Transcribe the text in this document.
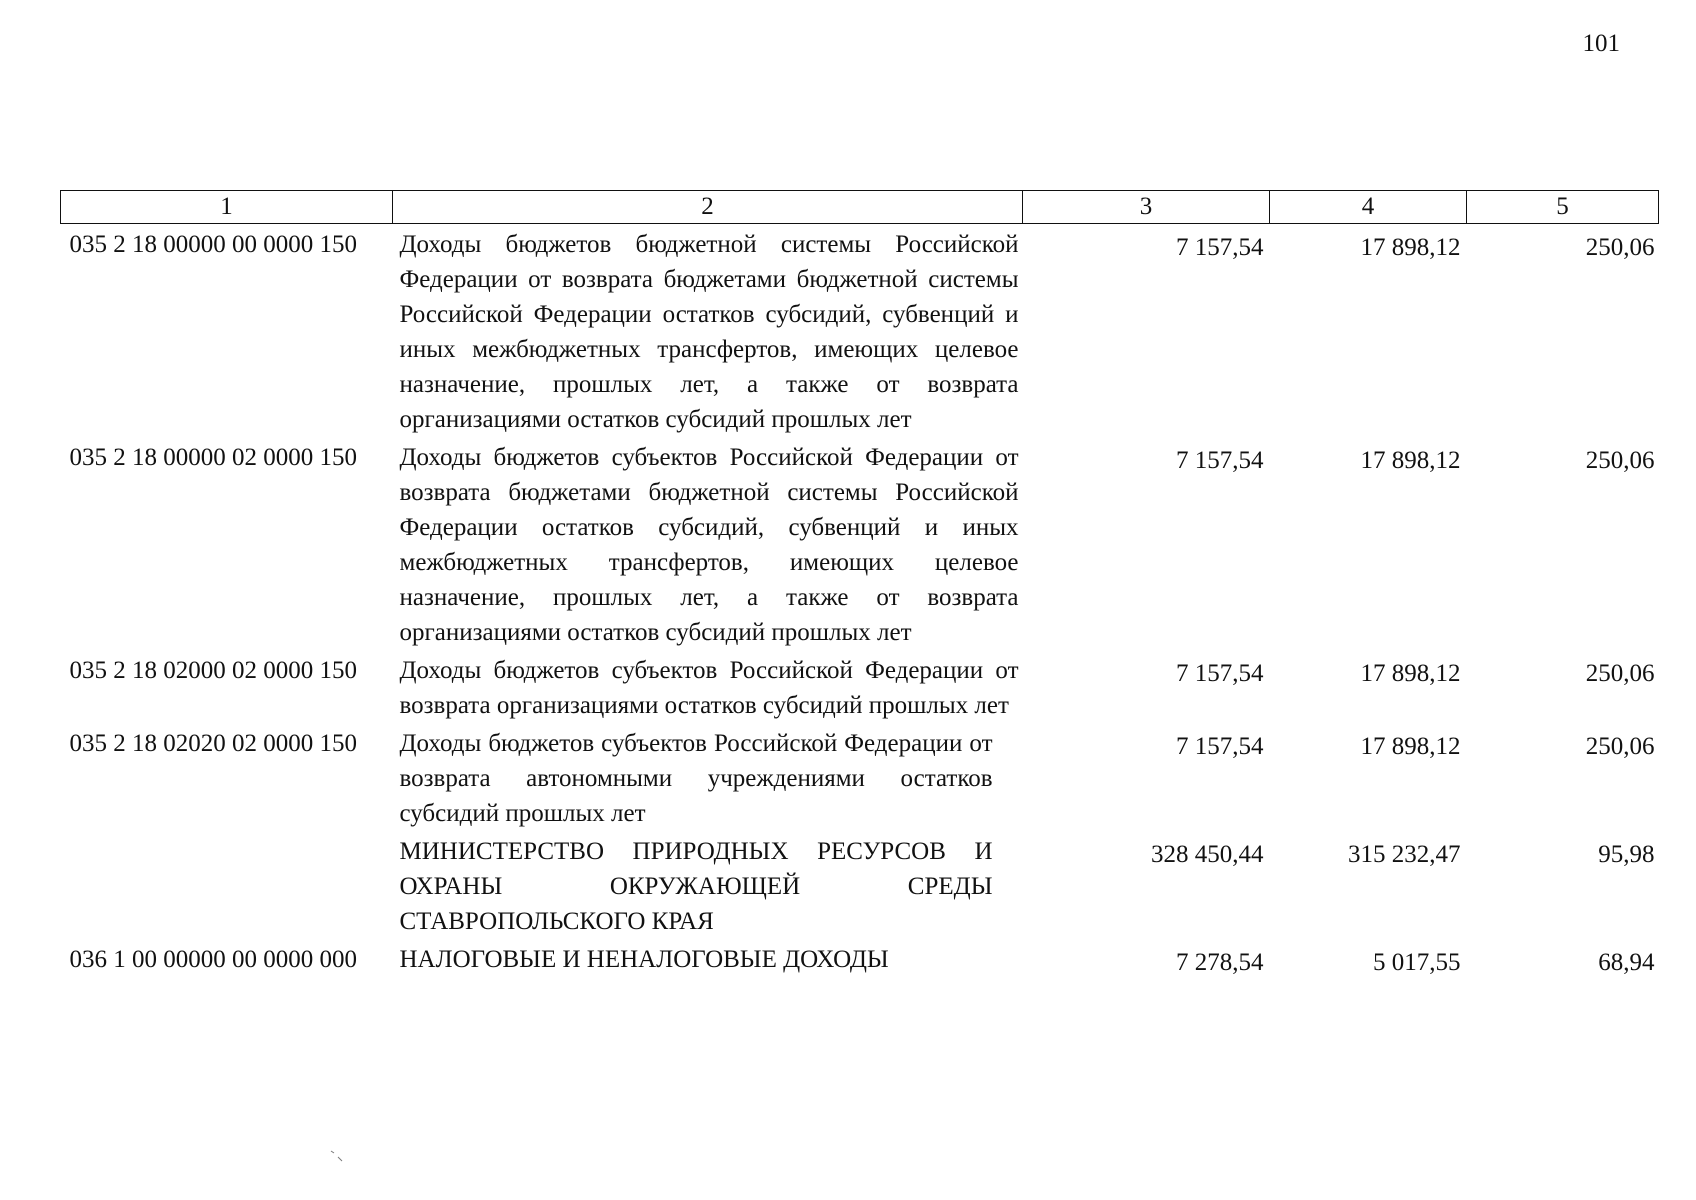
101
1	2	3	4	5
035 2 18 00000 00 0000 150	Доходы бюджетов бюджетной системы Российской Федерации от возврата бюджетами бюджетной системы Российской Федерации остатков субсидий, субвенций и иных межбюджетных трансфертов, имеющих целевое назначение, прошлых лет, а также от возврата организациями остатков субсидий прошлых лет	7 157,54	17 898,12	250,06
035 2 18 00000 02 0000 150	Доходы бюджетов субъектов Российской Федерации от возврата бюджетами бюджетной системы Российской Федерации остатков субсидий, субвенций и иных межбюджетных трансфертов, имеющих целевое назначение, прошлых лет, а также от возврата организациями остатков субсидий прошлых лет	7 157,54	17 898,12	250,06
035 2 18 02000 02 0000 150	Доходы бюджетов субъектов Российской Федерации от возврата организациями остатков субсидий прошлых лет	7 157,54	17 898,12	250,06
035 2 18 02020 02 0000 150	Доходы бюджетов субъектов Российской Федерации от возврата автономными учреждениями остатков субсидий прошлых лет	7 157,54	17 898,12	250,06
	МИНИСТЕРСТВО ПРИРОДНЫХ РЕСУРСОВ И ОХРАНЫ ОКРУЖАЮЩЕЙ СРЕДЫ СТАВРОПОЛЬСКОГО КРАЯ	328 450,44	315 232,47	95,98
036 1 00 00000 00 0000 000	НАЛОГОВЫЕ И НЕНАЛОГОВЫЕ ДОХОДЫ	7 278,54	5 017,55	68,94
